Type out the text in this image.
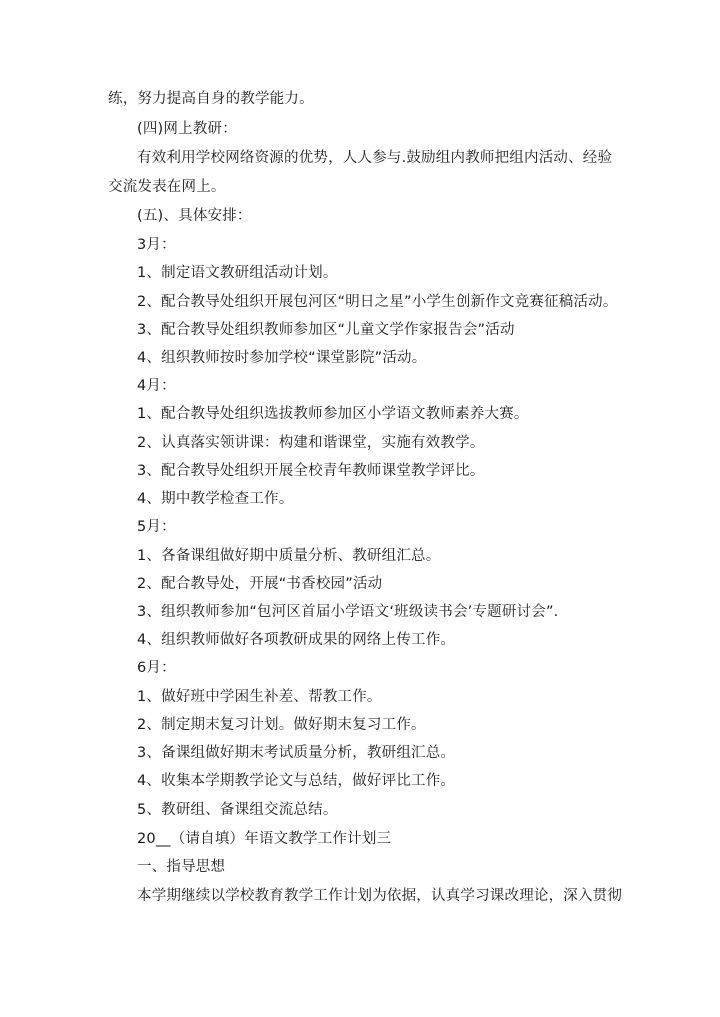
练，努力提高自身的教学能力。
(四)网上教研：
有效利用学校网络资源的优势，人人参与.鼓励组内教师把组内活动、经验
交流发表在网上。
(五)、具体安排：
3月：
1、制定语文教研组活动计划。
2、配合教导处组织开展包河区“明日之星”小学生创新作文竞赛征稿活动。
3、配合教导处组织教师参加区“儿童文学作家报告会”活动
4、组织教师按时参加学校“课堂影院”活动。
4月：
1、配合教导处组织选拔教师参加区小学语文教师素养大赛。
2、认真落实领讲课：构建和谐课堂，实施有效教学。
3、配合教导处组织开展全校青年教师课堂教学评比。
4、期中教学检查工作。
5月：
1、各备课组做好期中质量分析、教研组汇总。
2、配合教导处，开展“书香校园”活动
3、组织教师参加“包河区首届小学语文‘班级读书会’专题研讨会”.
4、组织教师做好各项教研成果的网络上传工作。
6月：
1、做好班中学困生补差、帮教工作。
2、制定期末复习计划。做好期末复习工作。
3、备课组做好期末考试质量分析，教研组汇总。
4、收集本学期教学论文与总结，做好评比工作。
5、教研组、备课组交流总结。
20__（请自填）年语文教学工作计划三
一、指导思想
本学期继续以学校教育教学工作计划为依据，认真学习课改理论，深入贯彻
